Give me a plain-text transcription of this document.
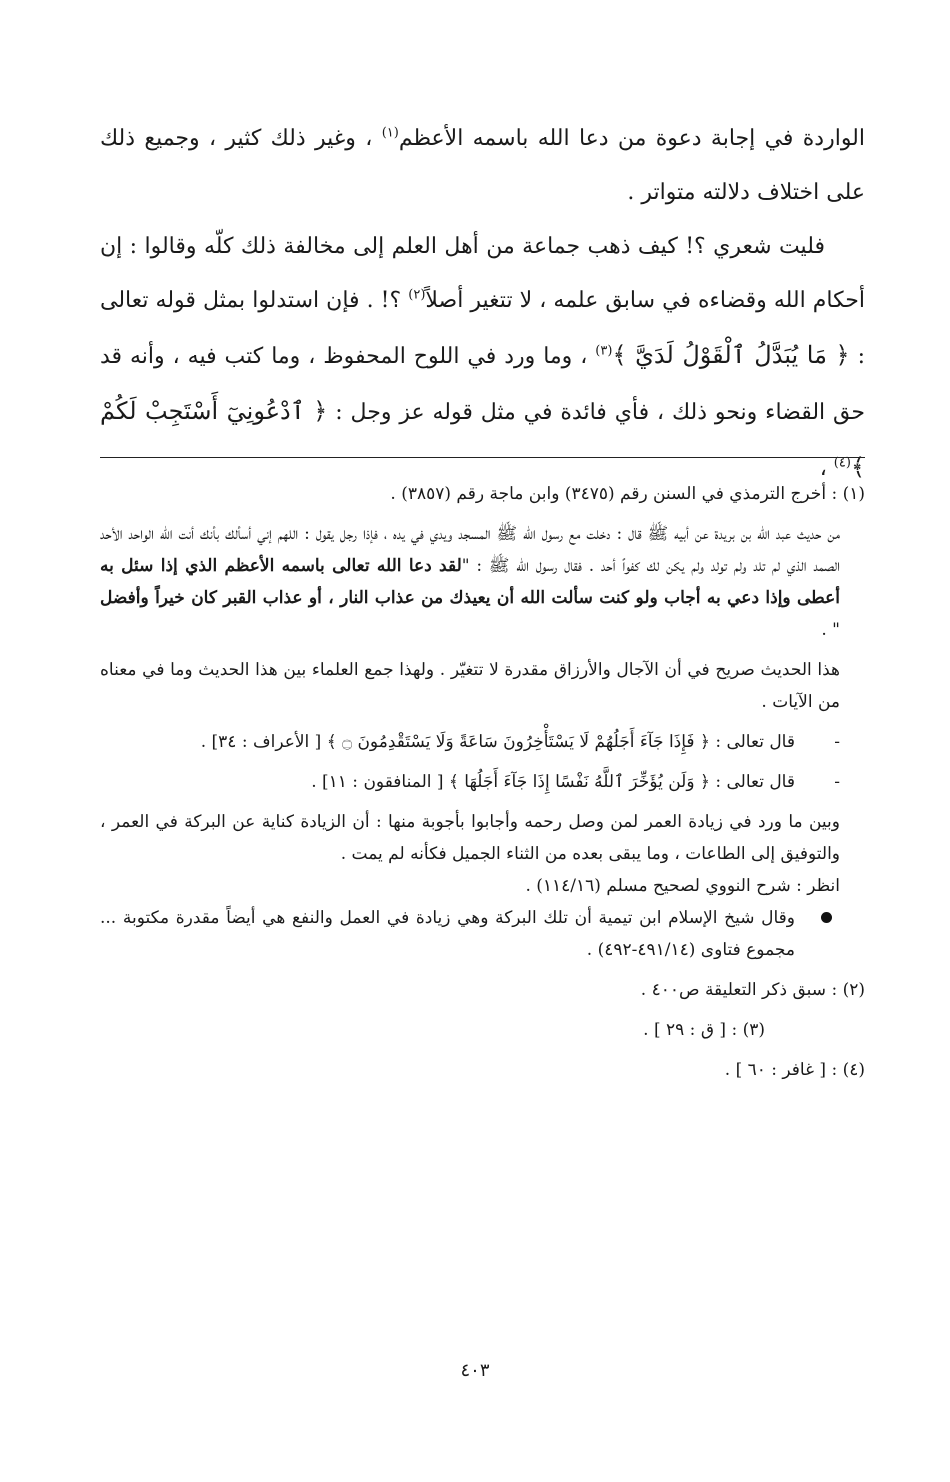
الواردة في إجابة دعوة من دعا الله باسمه الأعظم$^{(١)}$ ، وغير ذلك كثير ، وجميع ذلك على اختلاف دلالته متواتر .

فليت شعري ؟! كيف ذهب جماعة من أهل العلم إلى مخالفة ذلك كلّه وقالوا : إن أحكام الله وقضاءه في سابق علمه ، لا تتغير أصلاً$^{(٢)}$ ؟! . فإن استدلوا بمثل قوله تعالى : ﴿ مَا يُبَدَّلُ ٱلْقَوْلُ لَدَيَّ ﴾$^{(٣)}$ ، وما ورد في اللوح المحفوظ ، وما كتب فيه ، وأنه قد حق القضاء ونحو ذلك ، فأي فائدة في مثل قوله عز وجل : ﴿ ٱدْعُونِيٓ أَسْتَجِبْ لَكُمْ ﴾$^{(٤)}$ ،

(١) : أخرج الترمذي في السنن رقم (٣٤٧٥) وابن ماجة رقم (٣٨٥٧) .

من حديث عبد الله بن بريدة عن أبيه ﷺ قال : دخلت مع رسول الله ﷺ المسجد ويدي في يده ، فإذا رجل يقول : اللهم إني أسألك بأنك أنت الله الواحد الأحد الصمد الذي لم تلد ولم تولد ولم يكن لك كفواً أحد . فقال رسول الله ﷺ : "لقد دعا الله تعالى باسمه الأعظم الذي إذا سئل به أعطى وإذا دعي به أجاب ولو كنت سألت الله أن يعيذك من عذاب النار ، أو عذاب القبر كان خيراً وأفضل " .

هذا الحديث صريح في أن الآجال والأرزاق مقدرة لا تتغيّر . ولهذا جمع العلماء بين هذا الحديث وما في معناه من الآيات .

-
قال تعالى : ﴿ فَإِذَا جَآءَ أَجَلُهُمْ لَا يَسْتَأْخِرُونَ سَاعَةً وَلَا يَسْتَقْدِمُونَ ۝ ﴾ [ الأعراف : ٣٤] .

-
قال تعالى : ﴿ وَلَن يُؤَخِّرَ ٱللَّهُ نَفْسًا إِذَا جَآءَ أَجَلُهَا ﴾ [ المنافقون : ١١] .

وبين ما ورد في زيادة العمر لمن وصل رحمه وأجابوا بأجوبة منها : أن الزيادة كناية عن البركة في العمر ، والتوفيق إلى الطاعات ، وما يبقى بعده من الثناء الجميل فكأنه لم يمت .

انظر : شرح النووي لصحيح مسلم (١١٤/١٦) .

وقال شيخ الإسلام ابن تيمية أن تلك البركة وهي زيادة في العمل والنفع هي أيضاً مقدرة مكتوبة ... مجموع فتاوى (٤٩١/١٤-٤٩٢) .

(٢) : سبق ذكر التعليقة ص٤٠٠ .

(٣) : [ ق : ٢٩ ] .

(٤) : [ غافر : ٦٠ ] .

٤٠٣
